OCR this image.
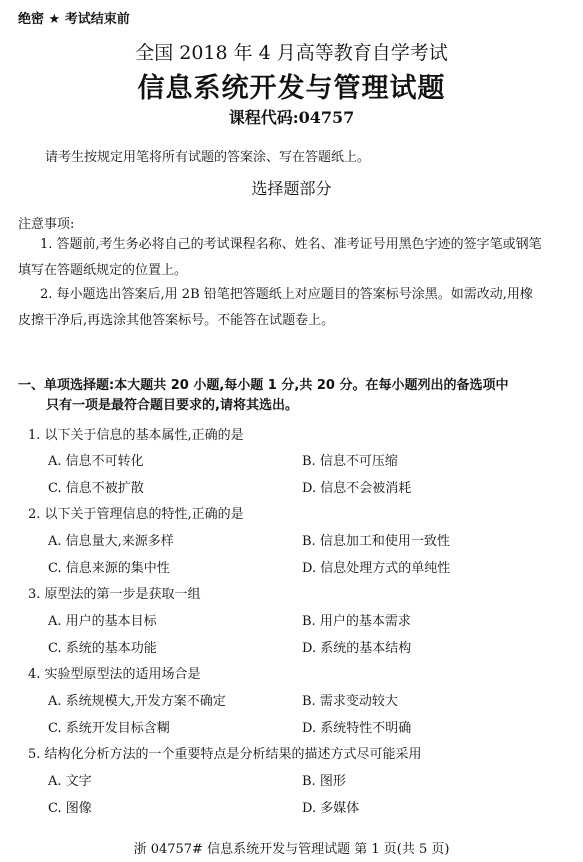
绝密 ★ 考试结束前
全国 2018 年 4 月高等教育自学考试
信息系统开发与管理试题
课程代码:04757
请考生按规定用笔将所有试题的答案涂、写在答题纸上。
选择题部分
注意事项:
1. 答题前,考生务必将自己的考试课程名称、姓名、准考证号用黑色字迹的签字笔或钢笔
填写在答题纸规定的位置上。
2. 每小题选出答案后,用 2B 铅笔把答题纸上对应题目的答案标号涂黑。如需改动,用橡
皮擦干净后,再选涂其他答案标号。不能答在试题卷上。
一、单项选择题:本大题共 20 小题,每小题 1 分,共 20 分。在每小题列出的备选项中
只有一项是最符合题目要求的,请将其选出。
1. 以下关于信息的基本属性,正确的是
A. 信息不可转化	B. 信息不可压缩
C. 信息不被扩散	D. 信息不会被消耗
2. 以下关于管理信息的特性,正确的是
A. 信息量大,来源多样	B. 信息加工和使用一致性
C. 信息来源的集中性	D. 信息处理方式的单纯性
3. 原型法的第一步是获取一组
A. 用户的基本目标	B. 用户的基本需求
C. 系统的基本功能	D. 系统的基本结构
4. 实验型原型法的适用场合是
A. 系统规模大,开发方案不确定	B. 需求变动较大
C. 系统开发目标含糊	D. 系统特性不明确
5. 结构化分析方法的一个重要特点是分析结果的描述方式尽可能采用
A. 文字	B. 图形
C. 图像	D. 多媒体
浙 04757# 信息系统开发与管理试题 第 1 页(共 5 页)
